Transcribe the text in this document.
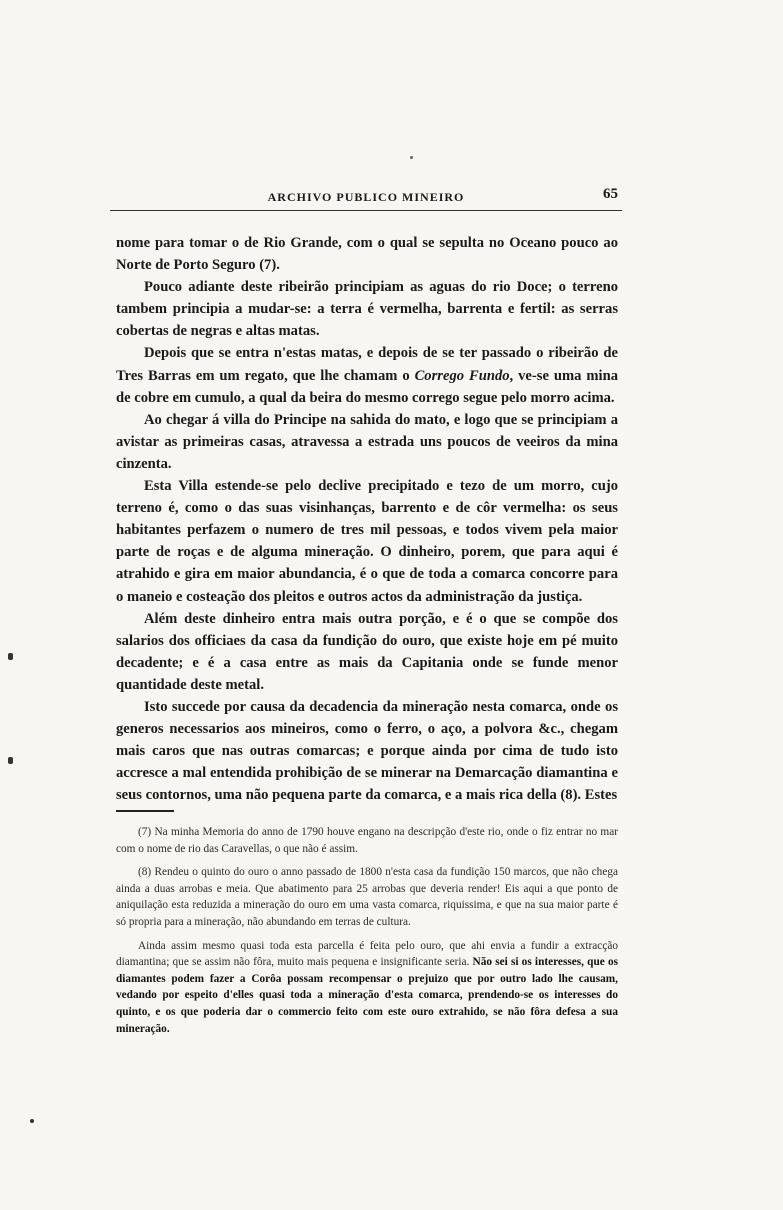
ARCHIVO PUBLICO MINEIRO	65

nome para tomar o de Rio Grande, com o qual se sepulta no Oceano pouco ao Norte de Porto Seguro (7).

Pouco adiante deste ribeirão principiam as aguas do rio Doce; o terreno tambem principia a mudar-se: a terra é vermelha, barrenta e fertil: as serras cobertas de negras e altas matas.

Depois que se entra n'estas matas, e depois de se ter passado o ribeirão de Tres Barras em um regato, que lhe chamam o Corrego Fundo, ve-se uma mina de cobre em cumulo, a qual da beira do mesmo corrego segue pelo morro acima.

Ao chegar á villa do Principe na sahida do mato, e logo que se principiam a avistar as primeiras casas, atravessa a estrada uns poucos de veeiros da mina cinzenta.

Esta Villa estende-se pelo declive precipitado e tezo de um morro, cujo terreno é, como o das suas visinhanças, barrento e de côr vermelha: os seus habitantes perfazem o numero de tres mil pessoas, e todos vivem pela maior parte de roças e de alguma mineração. O dinheiro, porem, que para aqui é atrahido e gira em maior abundancia, é o que de toda a comarca concorre para o maneio e costeação dos pleitos e outros actos da administração da justiça.

Além deste dinheiro entra mais outra porção, e é o que se compõe dos salarios dos officiaes da casa da fundição do ouro, que existe hoje em pé muito decadente; e é a casa entre as mais da Capitania onde se funde menor quantidade deste metal.

Isto succede por causa da decadencia da mineração nesta comarca, onde os generos necessarios aos mineiros, como o ferro, o aço, a polvora &c., chegam mais caros que nas outras comarcas; e porque ainda por cima de tudo isto accresce a mal entendida prohibição de se minerar na Demarcação diamantina e seus contornos, uma não pequena parte da comarca, e a mais rica della (8). Estes

(7) Na minha Memoria do anno de 1790 houve engano na descripção d'este rio, onde o fiz entrar no mar com o nome de rio das Caravellas, o que não é assim.

(8) Rendeu o quinto do ouro o anno passado de 1800 n'esta casa da fundição 150 marcos, que não chega ainda a duas arrobas e meia. Que abatimento para 25 arrobas que deveria render! Eis aqui a que ponto de aniquilação esta reduzida a mineração do ouro em uma vasta comarca, riquissima, e que na sua maior parte é só propria para a mineração, não abundando em terras de cultura.

Ainda assim mesmo quasi toda esta parcella é feita pelo ouro, que ahi envia a fundir a extracção diamantina; que se assim não fôra, muito mais pequena e insignificante seria. Não sei si os interesses, que os diamantes podem fazer a Corôa possam recompensar o prejuizo que por outro lado lhe causam, vedando por espeito d'elles quasi toda a mineração d'esta comarca, prendendo-se os interesses do quinto, e os que poderia dar o commercio feito com este ouro extrahido, se não fôra defesa a sua mineração.
